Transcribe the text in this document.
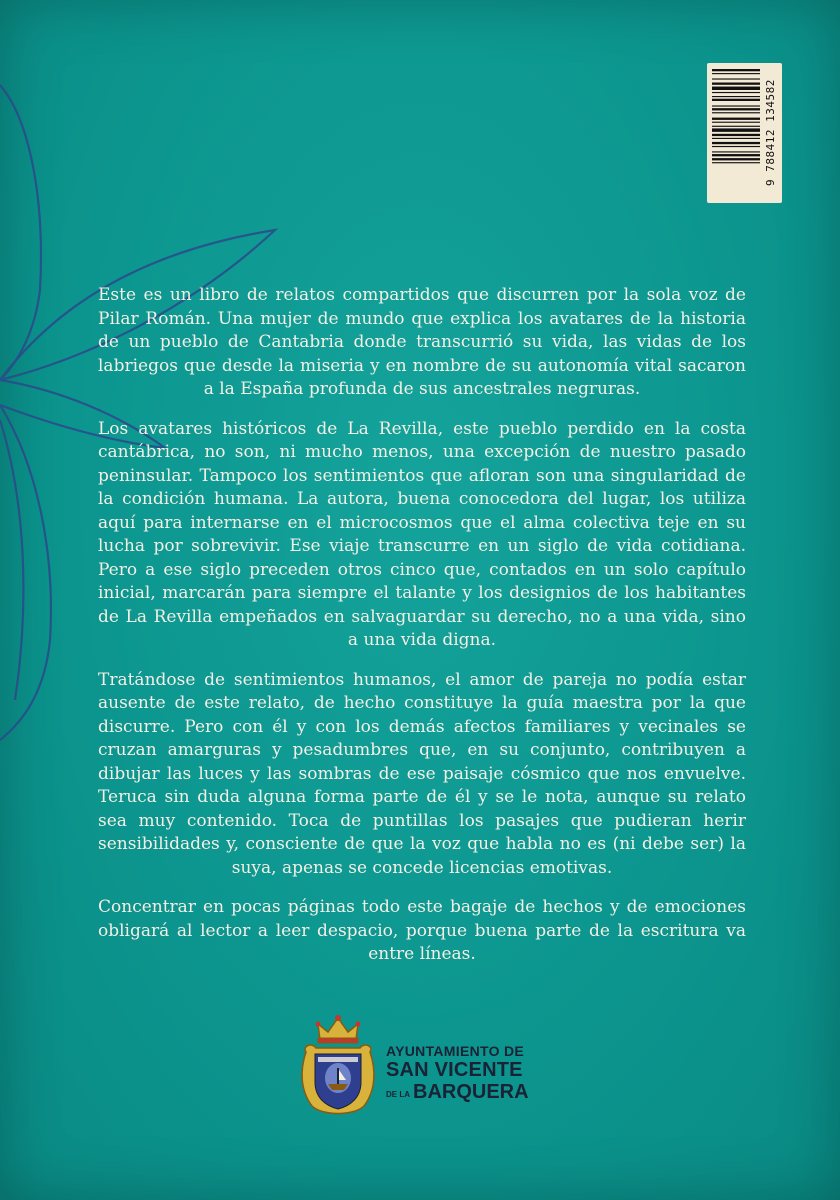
9 788412 134582

Este es un libro de relatos compartidos que discurren por la sola voz de Pilar Román. Una mujer de mundo que explica los avatares de la historia de un pueblo de Cantabria donde transcurrió su vida, las vidas de los labriegos que desde la miseria y en nombre de su autonomía vital sacaron a la España profunda de sus ancestrales negruras.

Los avatares históricos de La Revilla, este pueblo perdido en la costa cantábrica, no son, ni mucho menos, una excepción de nuestro pasado peninsular. Tampoco los sentimientos que afloran son una singularidad de la condición humana. La autora, buena conocedora del lugar, los utiliza aquí para internarse en el microcosmos que el alma colectiva teje en su lucha por sobrevivir. Ese viaje transcurre en un siglo de vida cotidiana. Pero a ese siglo preceden otros cinco que, contados en un solo capítulo inicial, marcarán para siempre el talante y los designios de los habitantes de La Revilla empeñados en salvaguardar su derecho, no a una vida, sino a una vida digna.

Tratándose de sentimientos humanos, el amor de pareja no podía estar ausente de este relato, de hecho constituye la guía maestra por la que discurre. Pero con él y con los demás afectos familiares y vecinales se cruzan amarguras y pesadumbres que, en su conjunto, contribuyen a dibujar las luces y las sombras de ese paisaje cósmico que nos envuelve. Teruca sin duda alguna forma parte de él y se le nota, aunque su relato sea muy contenido. Toca de puntillas los pasajes que pudieran herir sensibilidades y, consciente de que la voz que habla no es (ni debe ser) la suya, apenas se concede licencias emotivas.

Concentrar en pocas páginas todo este bagaje de hechos y de emociones obligará al lector a leer despacio, porque buena parte de la escritura va entre líneas.

AYUNTAMIENTO DE
SAN VICENTE
DE LA BARQUERA
